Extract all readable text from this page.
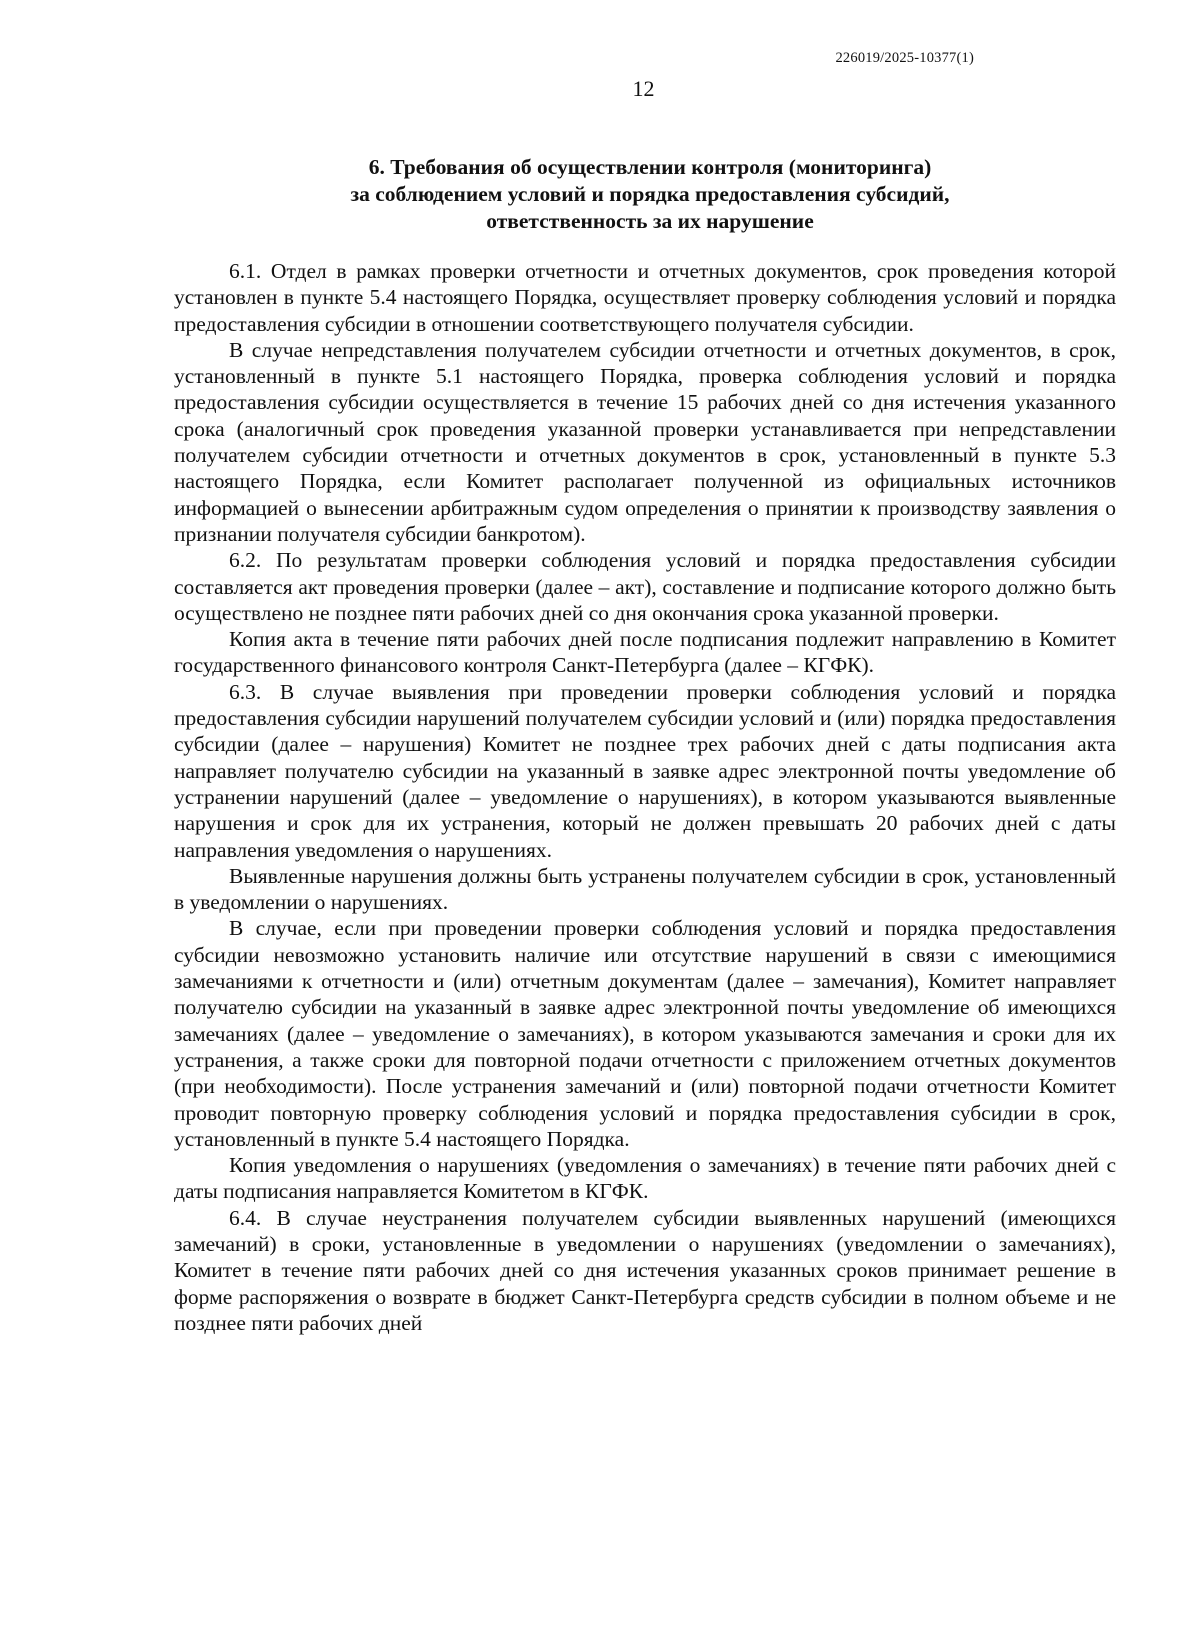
226019/2025-10377(1)
12
6. Требования об осуществлении контроля (мониторинга)
за соблюдением условий и порядка предоставления субсидий,
ответственность за их нарушение

6.1. Отдел в рамках проверки отчетности и отчетных документов, срок проведения которой установлен в пункте 5.4 настоящего Порядка, осуществляет проверку соблюдения условий и порядка предоставления субсидии в отношении соответствующего получателя субсидии.

В случае непредставления получателем субсидии отчетности и отчетных документов, в срок, установленный в пункте 5.1 настоящего Порядка, проверка соблюдения условий и порядка предоставления субсидии осуществляется в течение 15 рабочих дней со дня истечения указанного срока (аналогичный срок проведения указанной проверки устанавливается при непредставлении получателем субсидии отчетности и отчетных документов в срок, установленный в пункте 5.3 настоящего Порядка, если Комитет располагает полученной из официальных источников информацией о вынесении арбитражным судом определения о принятии к производству заявления о признании получателя субсидии банкротом).

6.2. По результатам проверки соблюдения условий и порядка предоставления субсидии составляется акт проведения проверки (далее – акт), составление и подписание которого должно быть осуществлено не позднее пяти рабочих дней со дня окончания срока указанной проверки.

Копия акта в течение пяти рабочих дней после подписания подлежит направлению в Комитет государственного финансового контроля Санкт-Петербурга (далее – КГФК).

6.3. В случае выявления при проведении проверки соблюдения условий и порядка предоставления субсидии нарушений получателем субсидии условий и (или) порядка предоставления субсидии (далее – нарушения) Комитет не позднее трех рабочих дней с даты подписания акта направляет получателю субсидии на указанный в заявке адрес электронной почты уведомление об устранении нарушений (далее – уведомление о нарушениях), в котором указываются выявленные нарушения и срок для их устранения, который не должен превышать 20 рабочих дней с даты направления уведомления о нарушениях.

Выявленные нарушения должны быть устранены получателем субсидии в срок, установленный в уведомлении о нарушениях.

В случае, если при проведении проверки соблюдения условий и порядка предоставления субсидии невозможно установить наличие или отсутствие нарушений в связи с имеющимися замечаниями к отчетности и (или) отчетным документам (далее – замечания), Комитет направляет получателю субсидии на указанный в заявке адрес электронной почты уведомление об имеющихся замечаниях (далее – уведомление о замечаниях), в котором указываются замечания и сроки для их устранения, а также сроки для повторной подачи отчетности с приложением отчетных документов (при необходимости). После устранения замечаний и (или) повторной подачи отчетности Комитет проводит повторную проверку соблюдения условий и порядка предоставления субсидии в срок, установленный в пункте 5.4 настоящего Порядка.

Копия уведомления о нарушениях (уведомления о замечаниях) в течение пяти рабочих дней с даты подписания направляется Комитетом в КГФК.

6.4. В случае неустранения получателем субсидии выявленных нарушений (имеющихся замечаний) в сроки, установленные в уведомлении о нарушениях (уведомлении о замечаниях), Комитет в течение пяти рабочих дней со дня истечения указанных сроков принимает решение в форме распоряжения о возврате в бюджет Санкт-Петербурга средств субсидии в полном объеме и не позднее пяти рабочих дней
